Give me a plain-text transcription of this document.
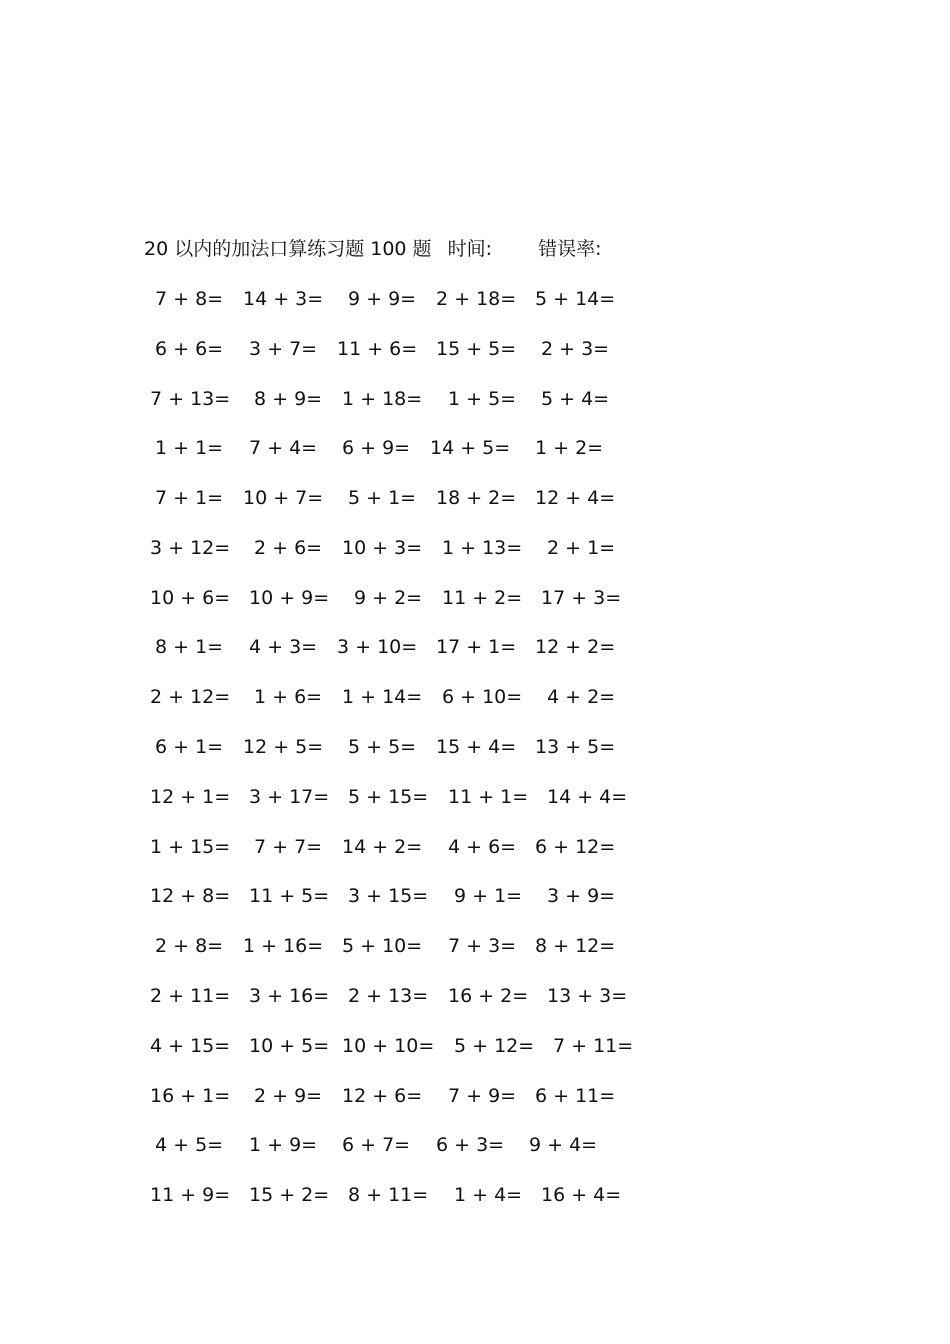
20 以内的加法口算练习题 100 题 时间: 错误率:
7 + 8= 14 + 3= 9 + 9= 2 + 18= 5 + 14=
6 + 6= 3 + 7= 11 + 6= 15 + 5= 2 + 3=
7 + 13= 8 + 9= 1 + 18= 1 + 5= 5 + 4=
1 + 1= 7 + 4= 6 + 9= 14 + 5= 1 + 2=
7 + 1= 10 + 7= 5 + 1= 18 + 2= 12 + 4=
3 + 12= 2 + 6= 10 + 3= 1 + 13= 2 + 1=
10 + 6= 10 + 9= 9 + 2= 11 + 2= 17 + 3=
8 + 1= 4 + 3= 3 + 10= 17 + 1= 12 + 2=
2 + 12= 1 + 6= 1 + 14= 6 + 10= 4 + 2=
6 + 1= 12 + 5= 5 + 5= 15 + 4= 13 + 5=
12 + 1= 3 + 17= 5 + 15= 11 + 1= 14 + 4=
1 + 15= 7 + 7= 14 + 2= 4 + 6= 6 + 12=
12 + 8= 11 + 5= 3 + 15= 9 + 1= 3 + 9=
2 + 8= 1 + 16= 5 + 10= 7 + 3= 8 + 12=
2 + 11= 3 + 16= 2 + 13= 16 + 2= 13 + 3=
4 + 15= 10 + 5= 10 + 10= 5 + 12= 7 + 11=
16 + 1= 2 + 9= 12 + 6= 7 + 9= 6 + 11=
4 + 5= 1 + 9= 6 + 7= 6 + 3= 9 + 4=
11 + 9= 15 + 2= 8 + 11= 1 + 4= 16 + 4=
